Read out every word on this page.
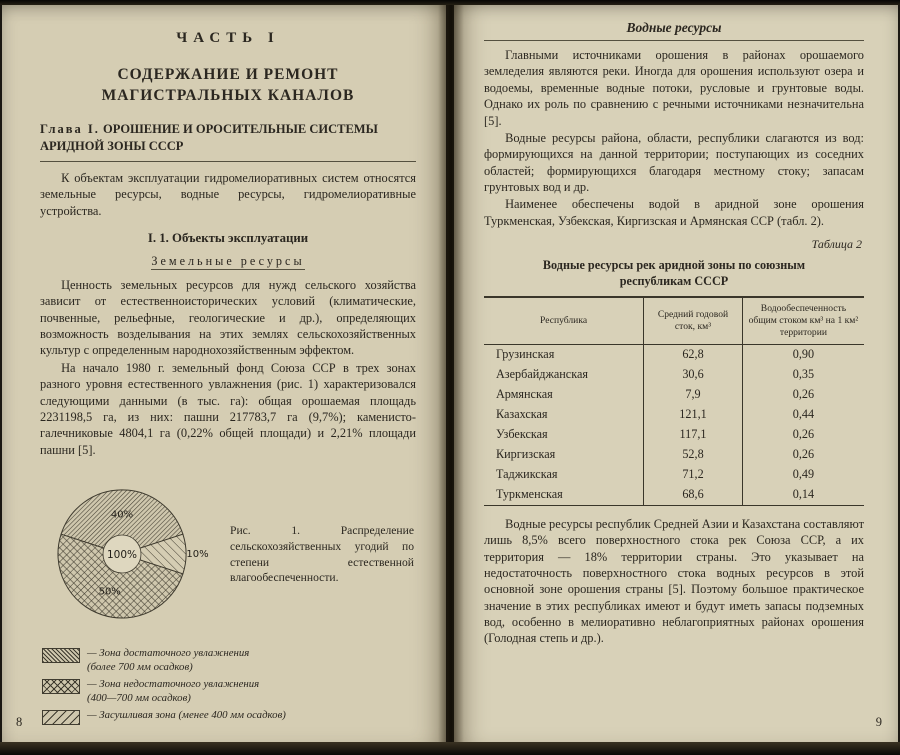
ЧАСТЬ I
СОДЕРЖАНИЕ И РЕМОНТ
МАГИСТРАЛЬНЫХ КАНАЛОВ
Глава I. ОРОШЕНИЕ И ОРОСИТЕЛЬНЫЕ СИСТЕМЫ АРИДНОЙ ЗОНЫ СССР

К объектам эксплуатации гидромелиоративных систем относятся земельные ресурсы, водные ресурсы, гидромелиоративные устройства.

I. 1. Объекты эксплуатации
Земельные ресурсы

Ценность земельных ресурсов для нужд сельского хозяйства зависит от естественноисторических условий (климатические, почвенные, рельефные, геологические и др.), определяющих возможность возделывания на этих землях сельскохозяйственных культур с определенным народнохозяйственным эффектом.

На начало 1980 г. земельный фонд Союза ССР в трех зонах разного уровня естественного увлажнения (рис. 1) характеризовался следующими данными (в тыс. га): общая орошаемая площадь 2231198,5 га, из них: пашни 217783,7 га (9,7%); каменисто-галечниковые 4804,1 га (0,22% общей площади) и 2,21% площади пашни [5].

40%
50%
10%
100%
Рис. 1. Распределение сельскохозяйственных угодий по степени естественной влагообеспеченности.
— Зона достаточного увлажнения
(более 700 мм осадков)
— Зона недостаточного увлажнения
(400—700 мм осадков)
— Засушливая зона (менее 400 мм осадков)
8
Водные ресурсы

Главными источниками орошения в районах орошаемого земледелия являются реки. Иногда для орошения используют озера и водоемы, временные водные потоки, русловые и грунтовые воды. Однако их роль по сравнению с речными источниками незначительна [5].

Водные ресурсы района, области, республики слагаются из вод: формирующихся на данной территории; поступающих из соседних областей; формирующихся благодаря местному стоку; запасам грунтовых вод и др.

Наименее обеспечены водой в аридной зоне орошения Туркменская, Узбекская, Киргизская и Армянская ССР (табл. 2).

Таблица 2
Водные ресурсы рек аридной зоны по союзным
республикам СССР
Республика	Средний годовой сток, км³	Водообеспеченность общим стоком км³ на 1 км² территории
Грузинская	62,8	0,90
Азербайджанская	30,6	0,35
Армянская	7,9	0,26
Казахская	121,1	0,44
Узбекская	117,1	0,26
Киргизская	52,8	0,26
Таджикская	71,2	0,49
Туркменская	68,6	0,14

Водные ресурсы республик Средней Азии и Казахстана составляют лишь 8,5% всего поверхностного стока рек Союза ССР, а их территория — 18% территории страны. Это указывает на недостаточность поверхностного стока водных ресурсов в этой основной зоне орошения страны [5]. Поэтому большое практическое значение в этих республиках имеют и будут иметь запасы подземных вод, особенно в мелиоративно неблагоприятных районах орошения (Голодная степь и др.).

9
